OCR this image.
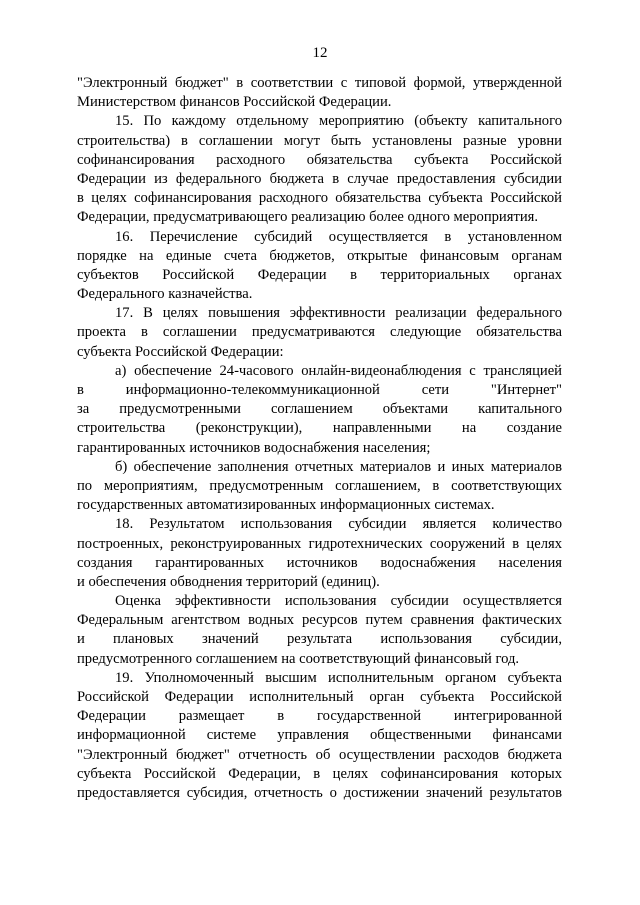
12
"Электронный бюджет" в соответствии с типовой формой, утвержденной
Министерством финансов Российской Федерации.
15. По каждому отдельному мероприятию (объекту капитального
строительства) в соглашении могут быть установлены разные уровни
софинансирования расходного обязательства субъекта Российской
Федерации из федерального бюджета в случае предоставления субсидии
в целях софинансирования расходного обязательства субъекта Российской
Федерации, предусматривающего реализацию более одного мероприятия.
16. Перечисление субсидий осуществляется в установленном
порядке на единые счета бюджетов, открытые финансовым органам
субъектов Российской Федерации в территориальных органах
Федерального казначейства.
17. В целях повышения эффективности реализации федерального
проекта в соглашении предусматриваются следующие обязательства
субъекта Российской Федерации:
а) обеспечение 24-часового онлайн-видеонаблюдения с трансляцией
в информационно-телекоммуникационной сети "Интернет"
за предусмотренными соглашением объектами капитального
строительства (реконструкции), направленными на создание
гарантированных источников водоснабжения населения;
б) обеспечение заполнения отчетных материалов и иных материалов
по мероприятиям, предусмотренным соглашением, в соответствующих
государственных автоматизированных информационных системах.
18. Результатом использования субсидии является количество
построенных, реконструированных гидротехнических сооружений в целях
создания гарантированных источников водоснабжения населения
и обеспечения обводнения территорий (единиц).
Оценка эффективности использования субсидии осуществляется
Федеральным агентством водных ресурсов путем сравнения фактических
и плановых значений результата использования субсидии,
предусмотренного соглашением на соответствующий финансовый год.
19. Уполномоченный высшим исполнительным органом субъекта
Российской Федерации исполнительный орган субъекта Российской
Федерации размещает в государственной интегрированной
информационной системе управления общественными финансами
"Электронный бюджет" отчетность об осуществлении расходов бюджета
субъекта Российской Федерации, в целях софинансирования которых
предоставляется субсидия, отчетность о достижении значений результатов
